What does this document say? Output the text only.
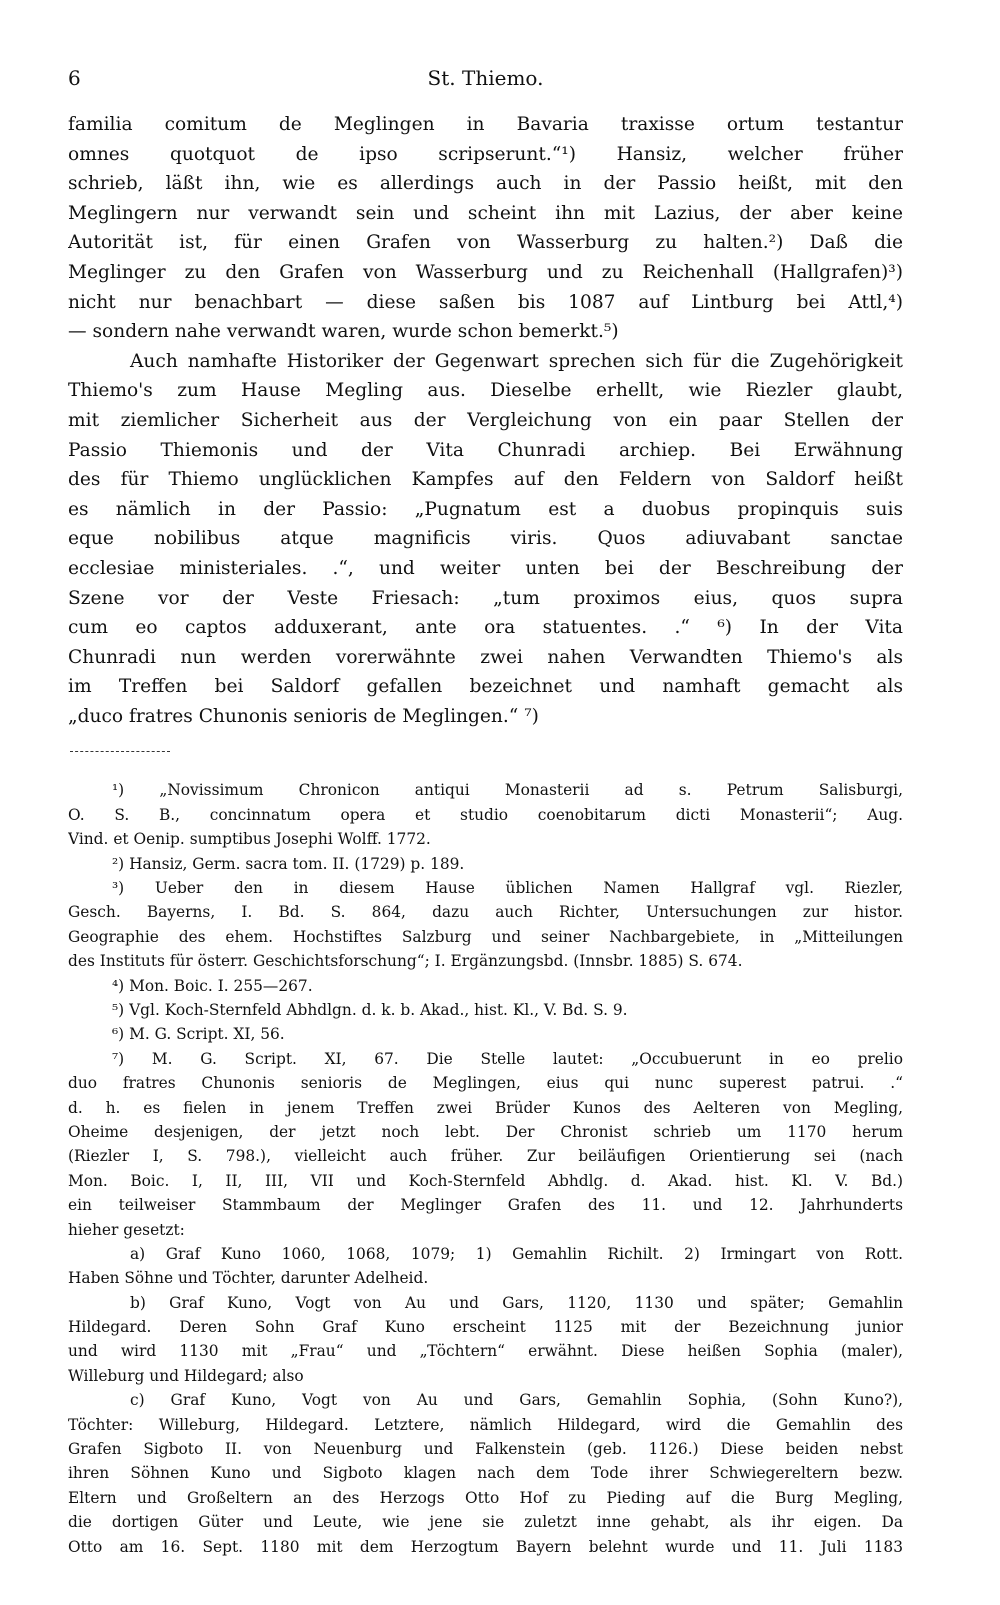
6	St. Thiemo.
familia comitum de Meglingen in Bavaria traxisse ortum testantur
omnes quotquot de ipso scripserunt.“¹) Hansiz, welcher früher
schrieb, läßt ihn, wie es allerdings auch in der Passio heißt, mit den
Meglingern nur verwandt sein und scheint ihn mit Lazius, der aber keine
Autorität ist, für einen Grafen von Wasserburg zu halten.²) Daß die
Meglinger zu den Grafen von Wasserburg und zu Reichenhall (Hallgrafen)³)
nicht nur benachbart — diese saßen bis 1087 auf Lintburg bei Attl,⁴)
— sondern nahe verwandt waren, wurde schon bemerkt.⁵)
Auch namhafte Historiker der Gegenwart sprechen sich für die Zugehörigkeit
Thiemo's zum Hause Megling aus. Dieselbe erhellt, wie Riezler glaubt,
mit ziemlicher Sicherheit aus der Vergleichung von ein paar Stellen der
Passio Thiemonis und der Vita Chunradi archiep. Bei Erwähnung
des für Thiemo unglücklichen Kampfes auf den Feldern von Saldorf heißt
es nämlich in der Passio: „Pugnatum est a duobus propinquis suis
eque nobilibus atque magnificis viris. Quos adiuvabant sanctae
ecclesiae ministeriales. .“, und weiter unten bei der Beschreibung der
Szene vor der Veste Friesach: „tum proximos eius, quos supra
cum eo captos adduxerant, ante ora statuentes. .“ ⁶) In der Vita
Chunradi nun werden vorerwähnte zwei nahen Verwandten Thiemo's als
im Treffen bei Saldorf gefallen bezeichnet und namhaft gemacht als
„duco fratres Chunonis senioris de Meglingen.“ ⁷)
¹) „Novissimum Chronicon antiqui Monasterii ad s. Petrum Salisburgi,
O. S. B., concinnatum opera et studio coenobitarum dicti Monasterii“; Aug.
Vind. et Oenip. sumptibus Josephi Wolff. 1772.
²) Hansiz, Germ. sacra tom. II. (1729) p. 189.
³) Ueber den in diesem Hause üblichen Namen Hallgraf vgl. Riezler,
Gesch. Bayerns, I. Bd. S. 864, dazu auch Richter, Untersuchungen zur histor.
Geographie des ehem. Hochstiftes Salzburg und seiner Nachbargebiete, in „Mitteilungen
des Instituts für österr. Geschichtsforschung“; I. Ergänzungsbd. (Innsbr. 1885) S. 674.
⁴) Mon. Boic. I. 255—267.
⁵) Vgl. Koch-Sternfeld Abhdlgn. d. k. b. Akad., hist. Kl., V. Bd. S. 9.
⁶) M. G. Script. XI, 56.
⁷) M. G. Script. XI, 67. Die Stelle lautet: „Occubuerunt in eo prelio
duo fratres Chunonis senioris de Meglingen, eius qui nunc superest patrui. .“
d. h. es fielen in jenem Treffen zwei Brüder Kunos des Aelteren von Megling,
Oheime desjenigen, der jetzt noch lebt. Der Chronist schrieb um 1170 herum
(Riezler I, S. 798.), vielleicht auch früher. Zur beiläufigen Orientierung sei (nach
Mon. Boic. I, II, III, VII und Koch-Sternfeld Abhdlg. d. Akad. hist. Kl. V. Bd.)
ein teilweiser Stammbaum der Meglinger Grafen des 11. und 12. Jahrhunderts
hieher gesetzt:
a) Graf Kuno 1060, 1068, 1079; 1) Gemahlin Richilt. 2) Irmingart von Rott.
Haben Söhne und Töchter, darunter Adelheid.
b) Graf Kuno, Vogt von Au und Gars, 1120, 1130 und später; Gemahlin
Hildegard. Deren Sohn Graf Kuno erscheint 1125 mit der Bezeichnung junior
und wird 1130 mit „Frau“ und „Töchtern“ erwähnt. Diese heißen Sophia (maler),
Willeburg und Hildegard; also
c) Graf Kuno, Vogt von Au und Gars, Gemahlin Sophia, (Sohn Kuno?),
Töchter: Willeburg, Hildegard. Letztere, nämlich Hildegard, wird die Gemahlin des
Grafen Sigboto II. von Neuenburg und Falkenstein (geb. 1126.) Diese beiden nebst
ihren Söhnen Kuno und Sigboto klagen nach dem Tode ihrer Schwiegereltern bezw.
Eltern und Großeltern an des Herzogs Otto Hof zu Pieding auf die Burg Megling,
die dortigen Güter und Leute, wie jene sie zuletzt inne gehabt, als ihr eigen. Da
Otto am 16. Sept. 1180 mit dem Herzogtum Bayern belehnt wurde und 11. Juli 1183
